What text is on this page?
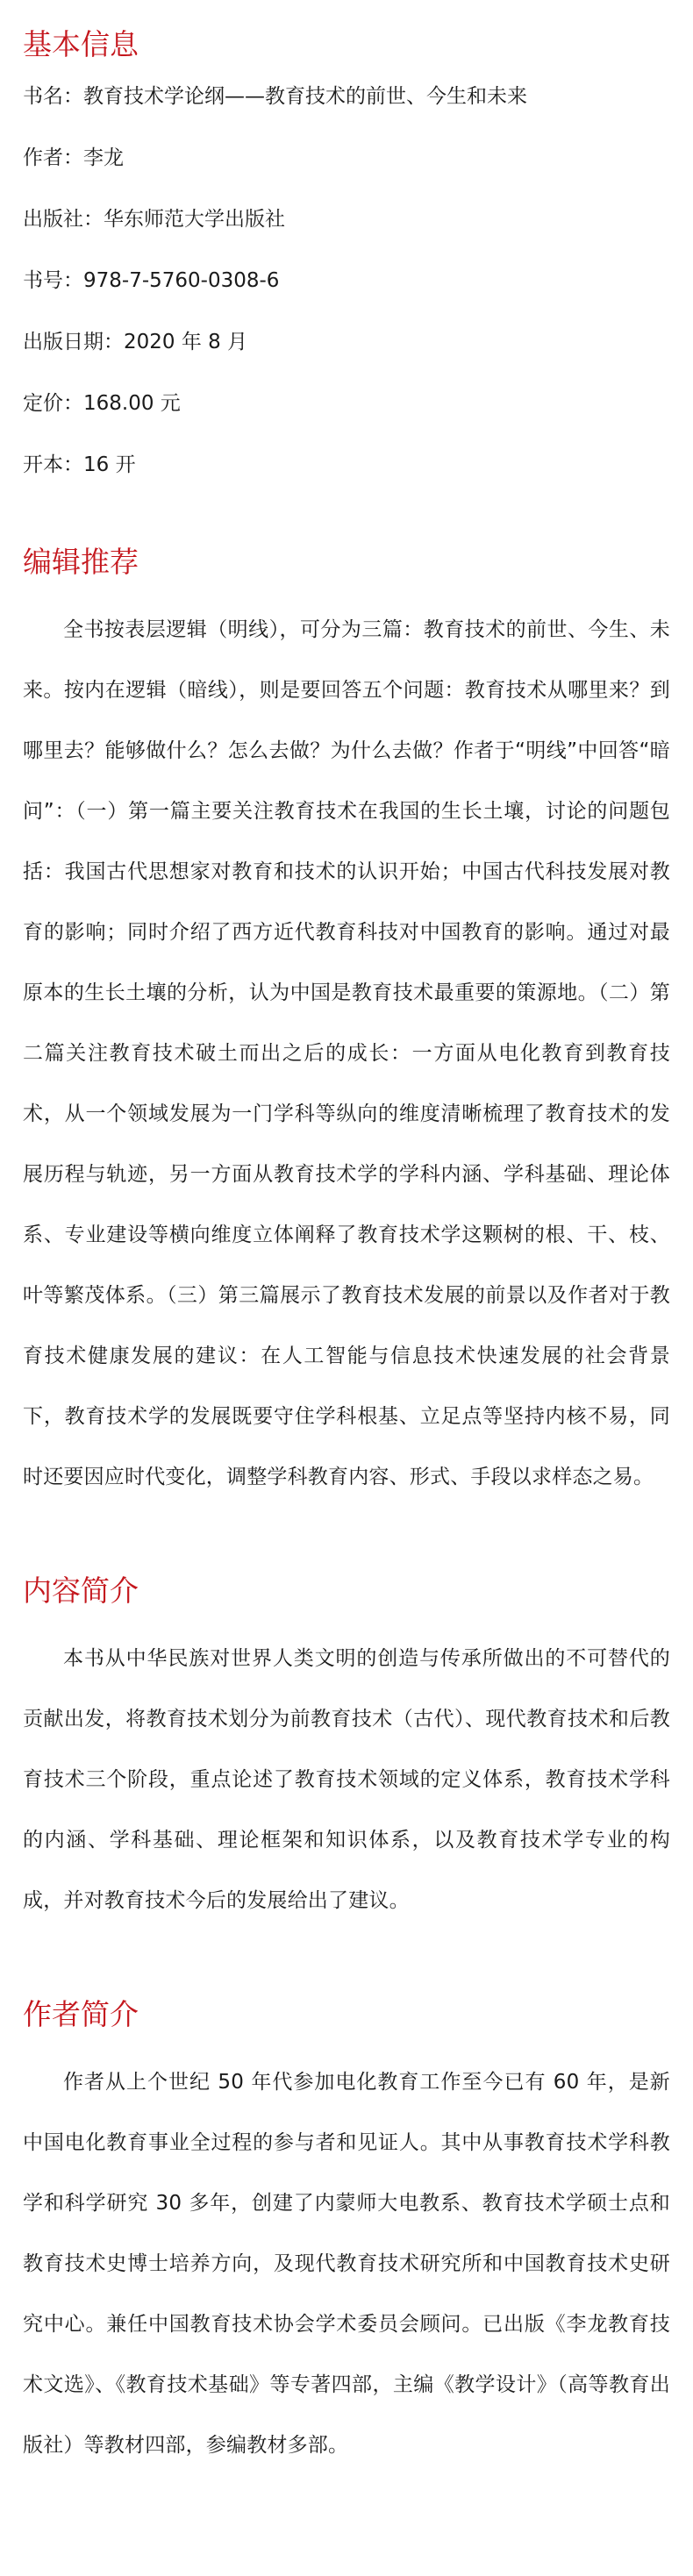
基本信息
书名：教育技术学论纲——教育技术的前世、今生和未来
作者：李龙
出版社：华东师范大学出版社
书号：978-7-5760-0308-6
出版日期：2020 年 8 月
定价：168.00 元
开本：16 开
编辑推荐

全书按表层逻辑（明线），可分为三篇：教育技术的前世、今生、未来。按内在逻辑（暗线），则是要回答五个问题：教育技术从哪里来？到哪里去？能够做什么？怎么去做？为什么去做？作者于“明线”中回答“暗问”：（一）第一篇主要关注教育技术在我国的生长土壤，讨论的问题包括：我国古代思想家对教育和技术的认识开始；中国古代科技发展对教育的影响；同时介绍了西方近代教育科技对中国教育的影响。通过对最原本的生长土壤的分析，认为中国是教育技术最重要的策源地。（二）第二篇关注教育技术破土而出之后的成长：一方面从电化教育到教育技术，从一个领域发展为一门学科等纵向的维度清晰梳理了教育技术的发展历程与轨迹，另一方面从教育技术学的学科内涵、学科基础、理论体系、专业建设等横向维度立体阐释了教育技术学这颗树的根、干、枝、叶等繁茂体系。（三）第三篇展示了教育技术发展的前景以及作者对于教育技术健康发展的建议：在人工智能与信息技术快速发展的社会背景下，教育技术学的发展既要守住学科根基、立足点等坚持内核不易，同时还要因应时代变化，调整学科教育内容、形式、手段以求样态之易。

内容简介

本书从中华民族对世界人类文明的创造与传承所做出的不可替代的贡献出发，将教育技术划分为前教育技术（古代）、现代教育技术和后教育技术三个阶段，重点论述了教育技术领域的定义体系，教育技术学科的内涵、学科基础、理论框架和知识体系，以及教育技术学专业的构成，并对教育技术今后的发展给出了建议。

作者简介

作者从上个世纪 50 年代参加电化教育工作至今已有 60 年，是新中国电化教育事业全过程的参与者和见证人。其中从事教育技术学科教学和科学研究 30 多年，创建了内蒙师大电教系、教育技术学硕士点和教育技术史博士培养方向，及现代教育技术研究所和中国教育技术史研究中心。兼任中国教育技术协会学术委员会顾问。已出版《李龙教育技术文选》、《教育技术基础》等专著四部，主编《教学设计》（高等教育出版社）等教材四部，参编教材多部。
